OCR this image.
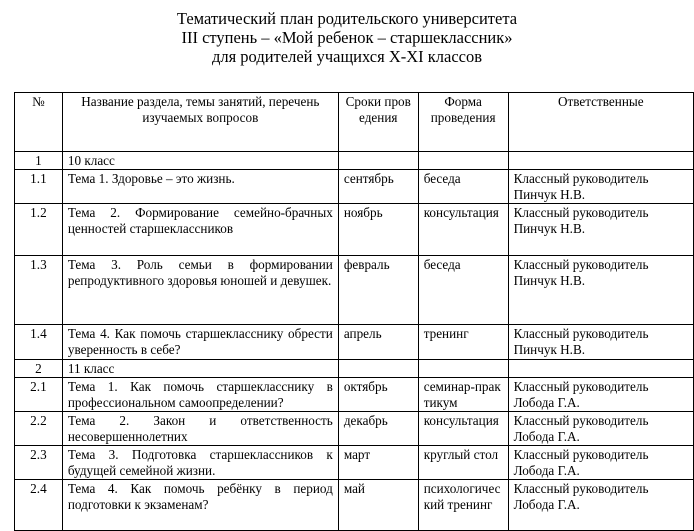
Тематический план родительского университета
III ступень – «Мой ребенок – старшеклассник»
для родителей учащихся X-XI классов
№	Название раздела, темы занятий, перечень изучаемых вопросов	Сроки проведения	Форма проведения	Ответственные
1	10 класс			
1.1	Тема 1. Здоровье – это жизнь.	сентябрь	беседа	Классный руководитель
Пинчук Н.В.

1.2	Тема 2. Формирование семейно-брачных ценностей старшеклассников	ноябрь	консультация	Классный руководитель
Пинчук Н.В.

1.3	Тема 3. Роль семьи в формировании репродуктивного здоровья юношей и девушек.	февраль	беседа	Классный руководитель
Пинчук Н.В.

1.4	Тема 4. Как помочь старшекласснику обрести уверенность в себе?	апрель	тренинг	Классный руководитель
Пинчук Н.В.

2	11 класс			
2.1	Тема 1. Как помочь старшекласснику в профессиональном самоопределении?	октябрь	семинар-практикум	Классный руководитель
Лобода Г.А.

2.2	Тема 2. Закон и ответственность несовершеннолетних	декабрь	консультация	Классный руководитель
Лобода Г.А.

2.3	Тема 3. Подготовка старшеклассников к будущей семейной жизни.	март	круглый стол	Классный руководитель
Лобода Г.А.

2.4	Тема 4. Как помочь ребёнку в период подготовки к экзаменам?	май	психологический тренинг	Классный руководитель
Лобода Г.А.
